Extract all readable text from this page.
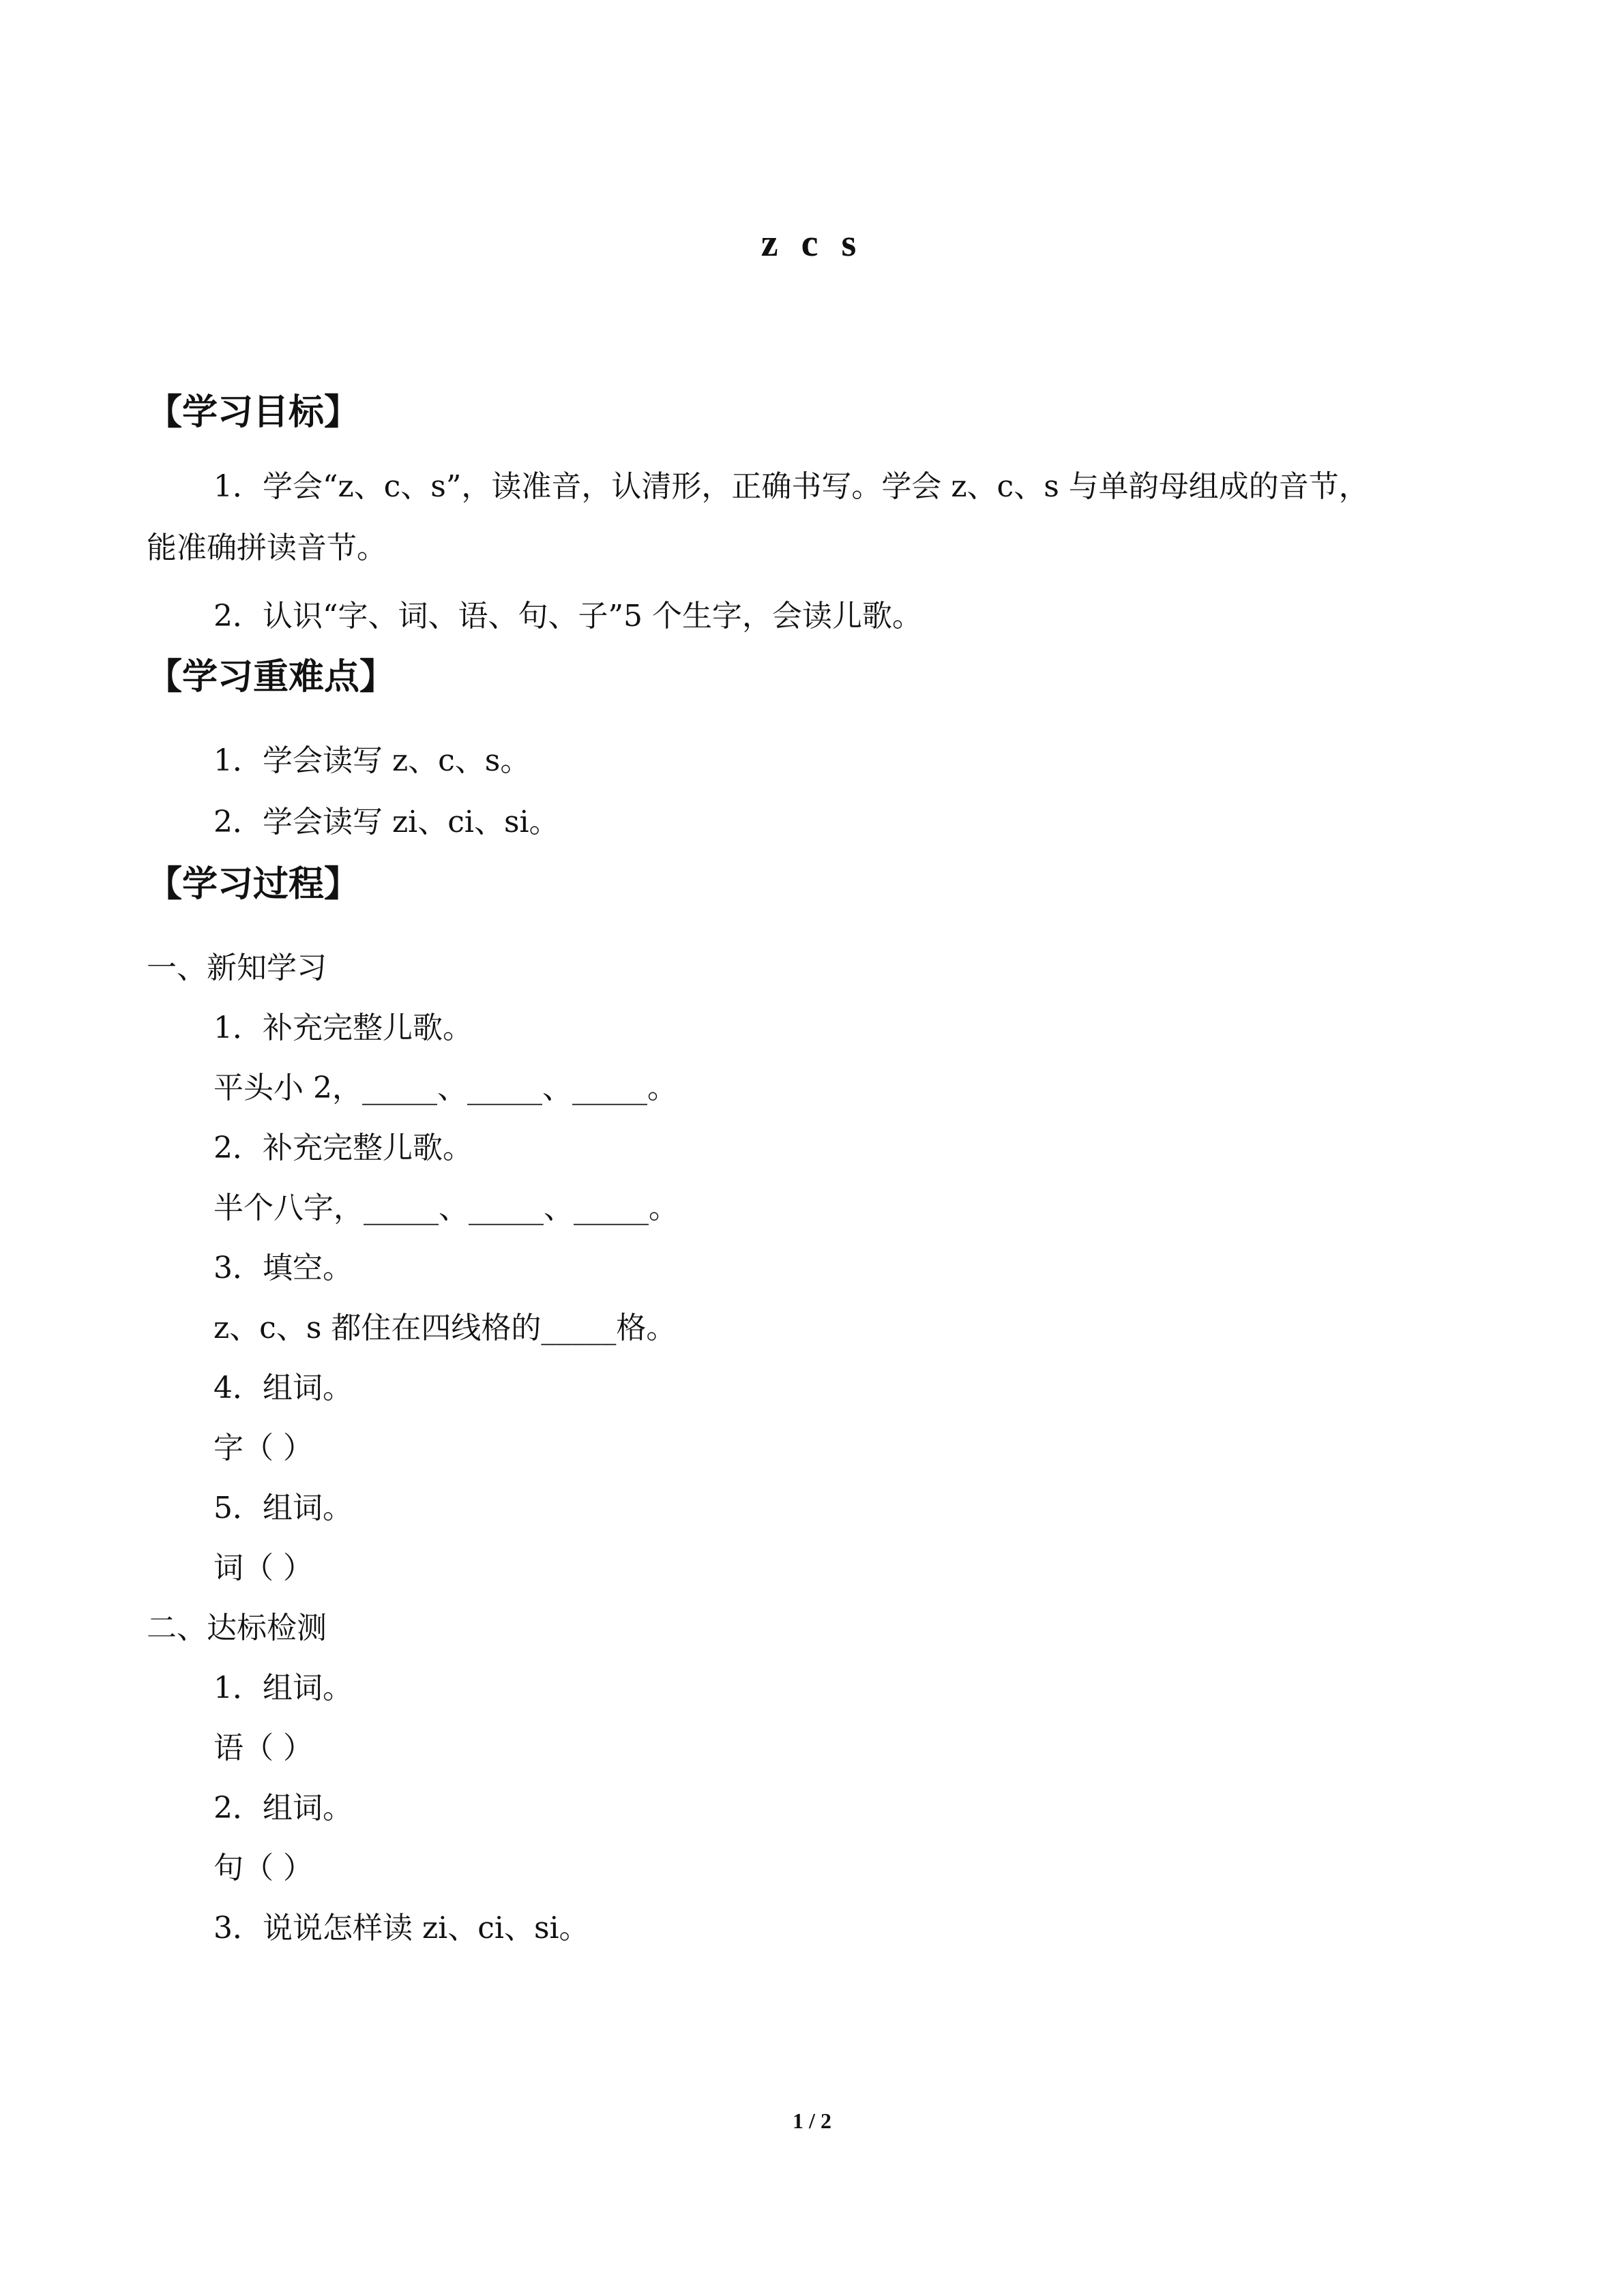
z c s
【学习目标】
1．学会“z、c、s”，读准音，认清形，正确书写。学会 z、c、s 与单韵母组成的音节，
能准确拼读音节。
2．认识“字、词、语、句、子”5 个生字，会读儿歌。
【学习重难点】
1．学会读写 z、c、s。
2．学会读写 zi、ci、si。
【学习过程】
一、新知学习
1．补充完整儿歌。
平头小 2，_____、_____、_____。
2．补充完整儿歌。
半个八字，_____、_____、_____。
3．填空。
z、c、s 都住在四线格的_____格。
4．组词。
字（ ）
5．组词。
词（ ）
二、达标检测
1．组词。
语（ ）
2．组词。
句（ ）
3．说说怎样读 zi、ci、si。
1 / 2
